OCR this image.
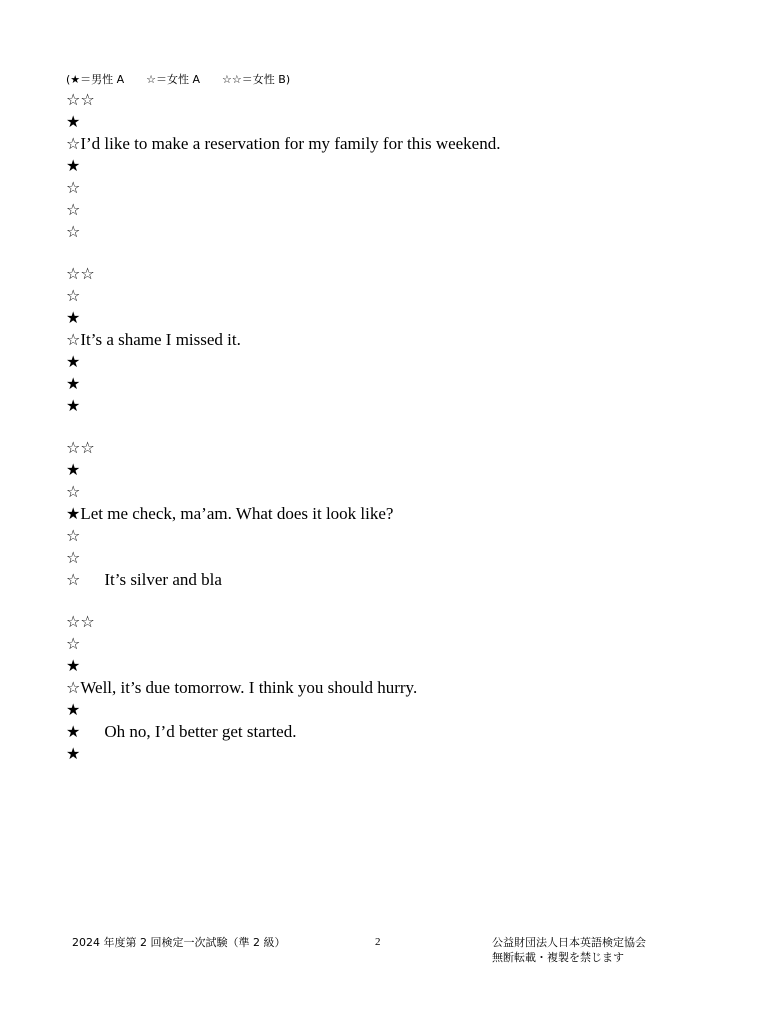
(★＝男性 A　　☆＝女性 A　　☆☆＝女性 B)
☆☆
★
☆ I’d like to make a reservation for my family for this weekend.
★
☆
☆
☆
☆☆
☆
★
☆ It’s a shame I missed it.
★
★
★
☆☆
★
☆
★ Let me check, ma’am. What does it look like?
☆
☆
☆ It’s silver and bla
☆☆
☆
★
☆ Well, it’s due tomorrow. I think you should hurry.
★
★ Oh no, I’d better get started.
★
2024 年度第 2 回検定一次試験（準 2 級）	2	公益財団法人日本英語検定協会
無断転載・複製を禁じます
